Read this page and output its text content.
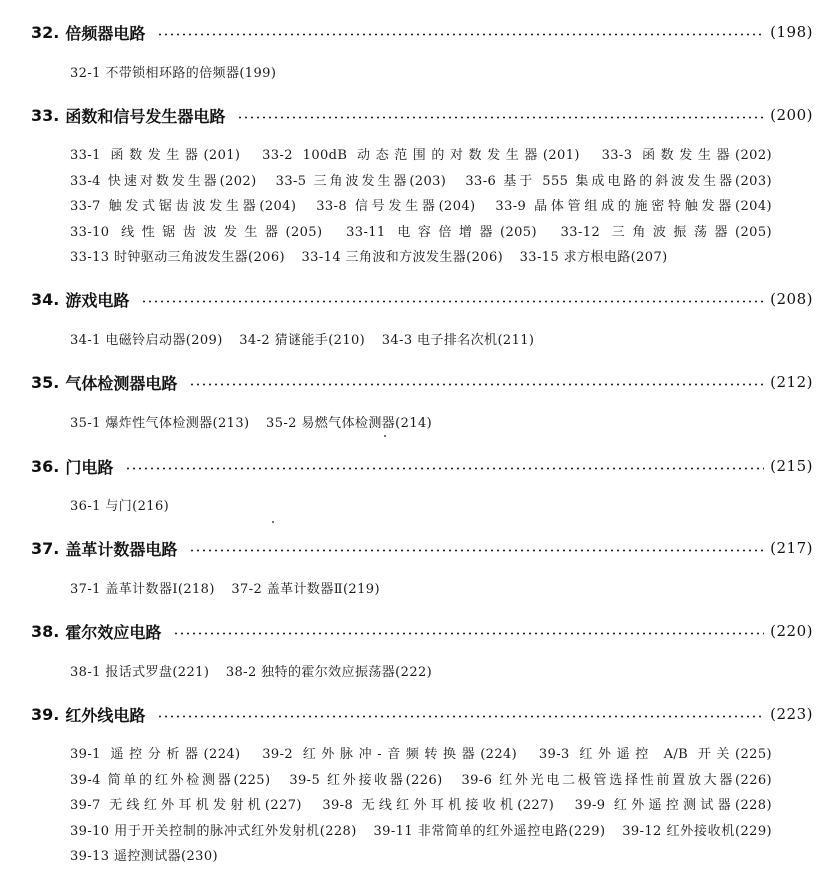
32. 倍频器电路	(198)
32-1 不带锁相环路的倍频器(199)
33. 函数和信号发生器电路	(200)
33-1 函数发生器(201) 33-2 100dB 动态范围的对数发生器(201) 33-3 函数发生器(202) 33-4 快速对数发生器(202) 33-5 三角波发生器(203) 33-6 基于 555 集成电路的斜波发生器(203) 33-7 触发式锯齿波发生器(204) 33-8 信号发生器(204) 33-9 晶体管组成的施密特触发器(204) 33-10 线性锯齿波发生器(205) 33-11 电容倍增器(205) 33-12 三角波振荡器(205) 33-13 时钟驱动三角波发生器(206) 33-14 三角波和方波发生器(206) 33-15 求方根电路(207)
34. 游戏电路	(208)
34-1 电磁铃启动器(209) 34-2 猜谜能手(210) 34-3 电子排名次机(211)
35. 气体检测器电路	(212)
35-1 爆炸性气体检测器(213) 35-2 易燃气体检测器(214)
36. 门电路	(215)
36-1 与门(216)
37. 盖革计数器电路	(217)
37-1 盖革计数器Ⅰ(218) 37-2 盖革计数器Ⅱ(219)
38. 霍尔效应电路	(220)
38-1 报话式罗盘(221) 38-2 独特的霍尔效应振荡器(222)
39. 红外线电路	(223)
39-1 遥控分析器(224) 39-2 红外脉冲-音频转换器(224) 39-3 红外遥控 A/B 开关(225) 39-4 简单的红外检测器(225) 39-5 红外接收器(226) 39-6 红外光电二极管选择性前置放大器(226) 39-7 无线红外耳机发射机(227) 39-8 无线红外耳机接收机(227) 39-9 红外遥控测试器(228) 39-10 用于开关控制的脉冲式红外发射机(228) 39-11 非常简单的红外遥控电路(229) 39-12 红外接收机(229) 39-13 遥控测试器(230)
